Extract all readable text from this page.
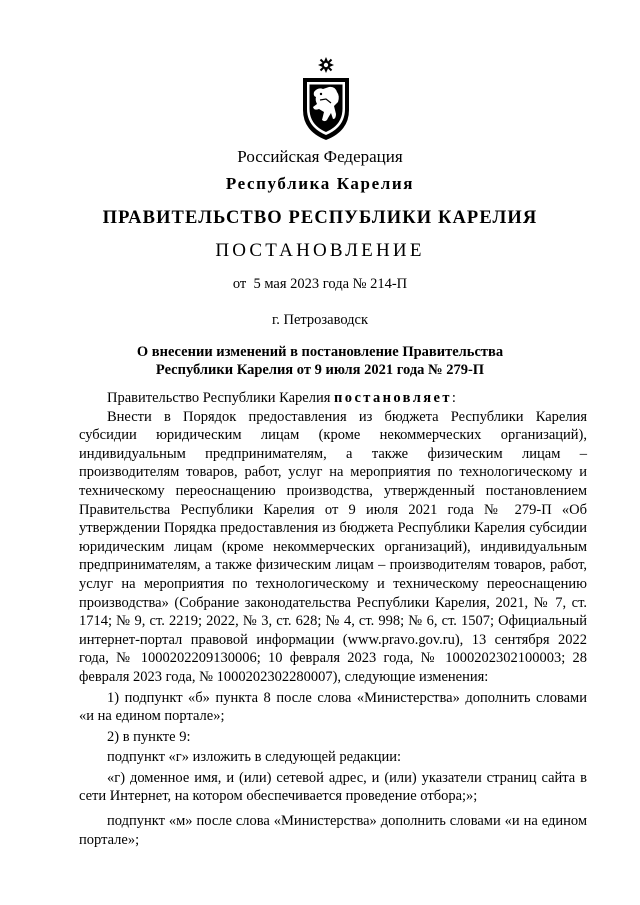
Российская Федерация
Республика Карелия
ПРАВИТЕЛЬСТВО РЕСПУБЛИКИ КАРЕЛИЯ
ПОСТАНОВЛЕНИЕ
от  5 мая 2023 года № 214-П
г. Петрозаводск
О внесении изменений в постановление Правительства
Республики Карелия от 9 июля 2021 года № 279-П

Правительство Республики Карелия постановляет:

Внести в Порядок предоставления из бюджета Республики Карелия субсидии юридическим лицам (кроме некоммерческих организаций), индивидуальным предпринимателям, а также физическим лицам – производителям товаров, работ, услуг на мероприятия по технологическому и техническому переоснащению производства, утвержденный постановлением Правительства Республики Карелия от 9 июля 2021 года № 279-П «Об утверждении Порядка предоставления из бюджета Республики Карелия субсидии юридическим лицам (кроме некоммерческих организаций), индивидуальным предпринимателям, а также физическим лицам – производителям товаров, работ, услуг на мероприятия по технологическому и техническому переоснащению производства» (Собрание законодательства Республики Карелия, 2021, № 7, ст. 1714; № 9, ст. 2219; 2022, № 3, ст. 628; № 4, ст. 998; № 6, ст. 1507; Официальный интернет-портал правовой информации (www.pravo.gov.ru), 13 сентября 2022 года, № 1000202209130006; 10 февраля 2023 года, № 1000202302100003; 28 февраля 2023 года, № 1000202302280007), следующие изменения:

1) подпункт «б» пункта 8 после слова «Министерства» дополнить словами «и на едином портале»;

2) в пункте 9:

подпункт «г» изложить в следующей редакции:

«г) доменное имя, и (или) сетевой адрес, и (или) указатели страниц сайта в сети Интернет, на котором обеспечивается проведение отбора;»;

подпункт «м» после слова «Министерства» дополнить словами «и на едином портале»;
